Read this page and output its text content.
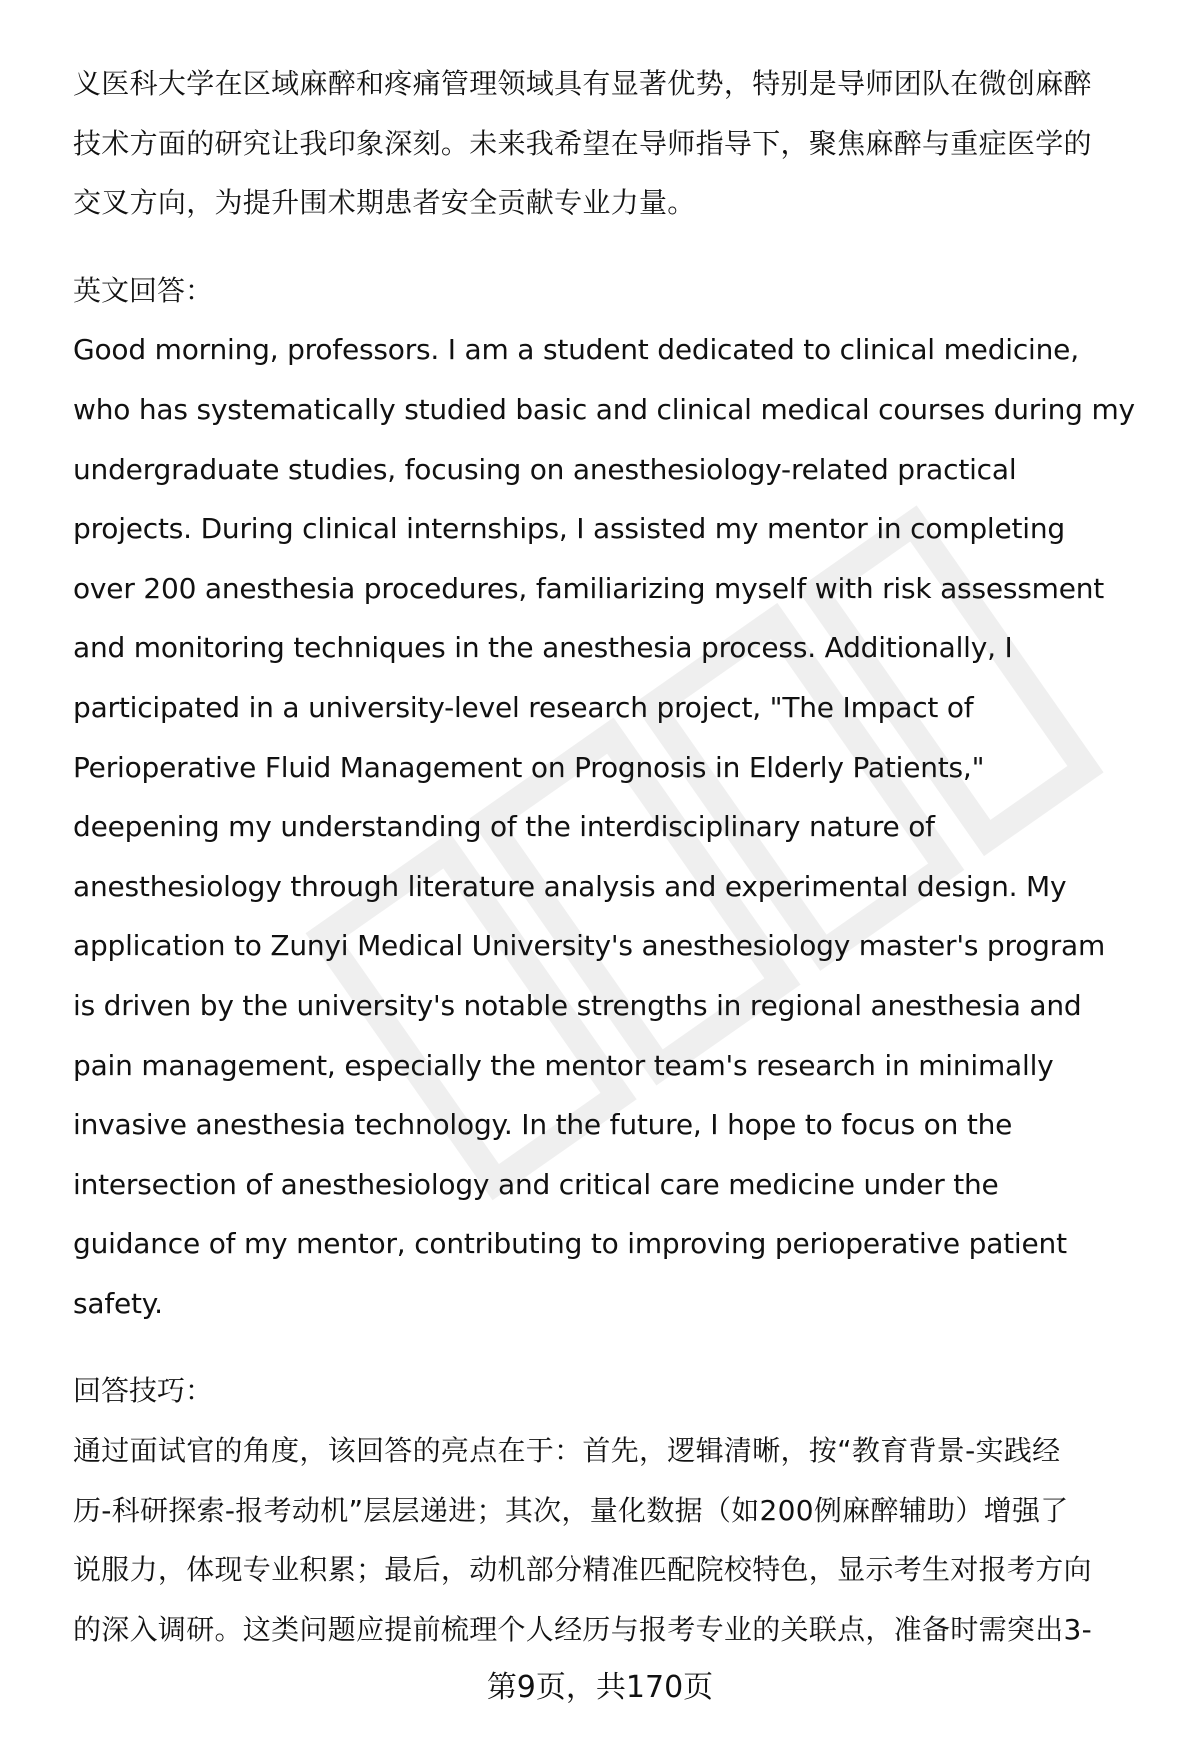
义医科大学在区域麻醉和疼痛管理领域具有显著优势，特别是导师团队在微创麻醉
技术方面的研究让我印象深刻。未来我希望在导师指导下，聚焦麻醉与重症医学的
交叉方向，为提升围术期患者安全贡献专业力量。

英文回答：

Good morning, professors. I am a student dedicated to clinical medicine,
who has systematically studied basic and clinical medical courses during my
undergraduate studies, focusing on anesthesiology-related practical
projects. During clinical internships, I assisted my mentor in completing
over 200 anesthesia procedures, familiarizing myself with risk assessment
and monitoring techniques in the anesthesia process. Additionally, I
participated in a university-level research project, "The Impact of
Perioperative Fluid Management on Prognosis in Elderly Patients,"
deepening my understanding of the interdisciplinary nature of
anesthesiology through literature analysis and experimental design. My
application to Zunyi Medical University's anesthesiology master's program
is driven by the university's notable strengths in regional anesthesia and
pain management, especially the mentor team's research in minimally
invasive anesthesia technology. In the future, I hope to focus on the
intersection of anesthesiology and critical care medicine under the
guidance of my mentor, contributing to improving perioperative patient
safety.

回答技巧：

通过面试官的角度，该回答的亮点在于：首先，逻辑清晰，按“教育背景-实践经
历-科研探索-报考动机”层层递进；其次，量化数据（如200例麻醉辅助）增强了
说服力，体现专业积累；最后，动机部分精准匹配院校特色，显示考生对报考方向
的深入调研。这类问题应提前梳理个人经历与报考专业的关联点，准备时需突出3-
第9页，共170页
